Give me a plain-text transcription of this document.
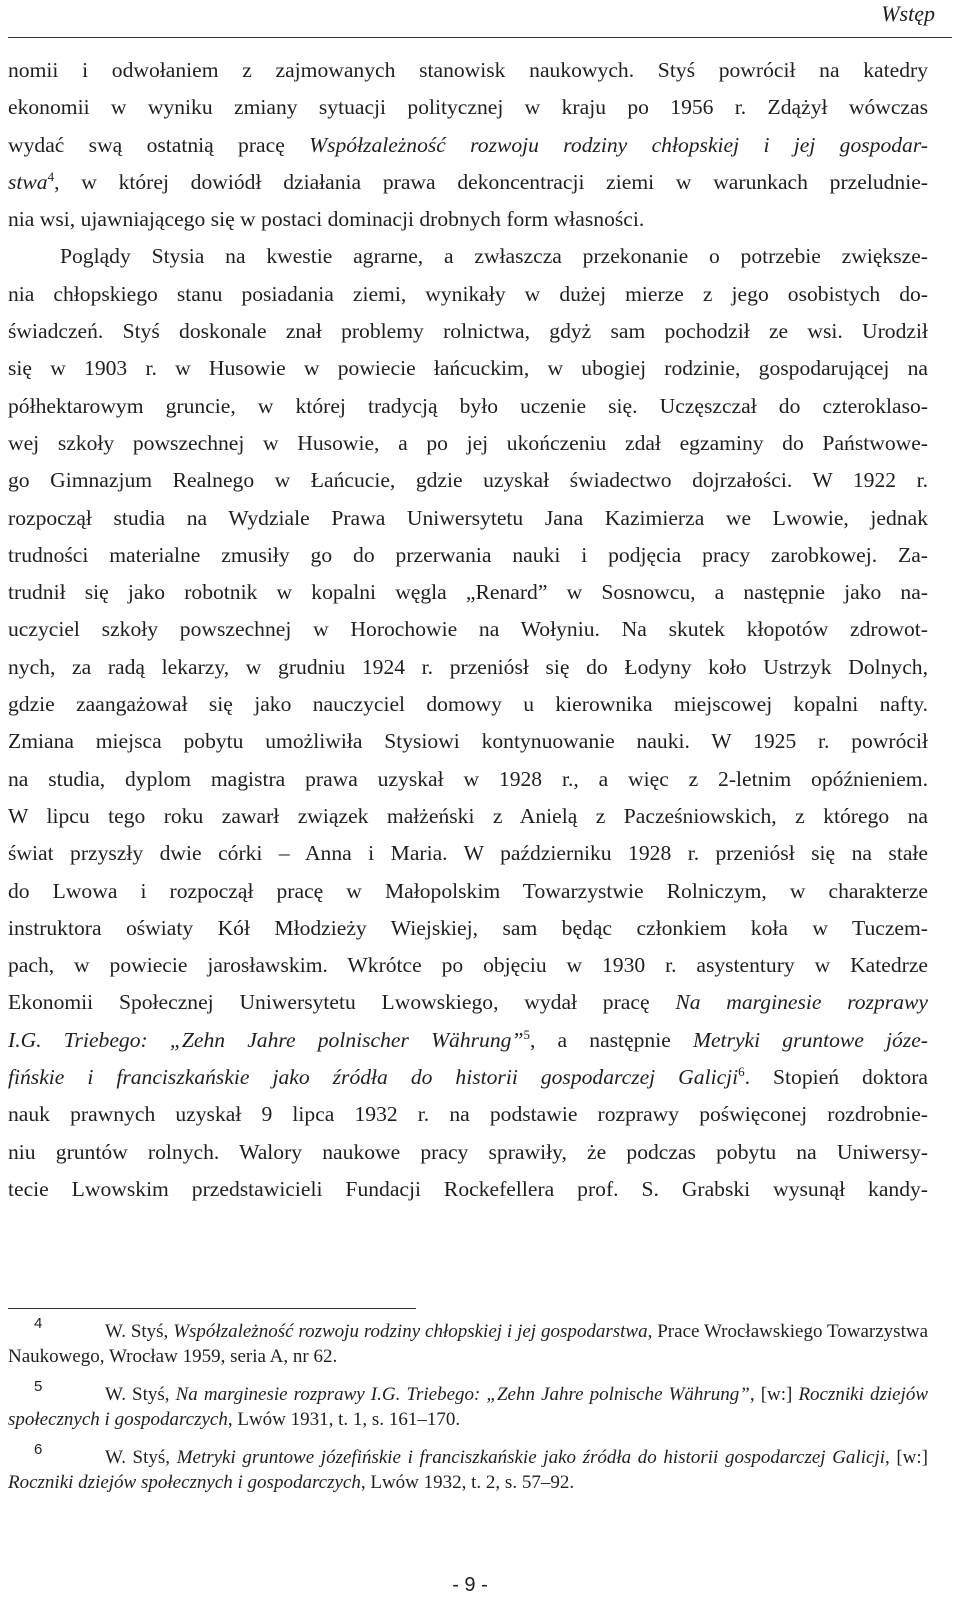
Wstęp

nomii i odwołaniem z zajmowanych stanowisk naukowych. Styś powrócił na katedry

ekonomii w wyniku zmiany sytuacji politycznej w kraju po 1956 r. Zdążył wówczas

wydać swą ostatnią pracę Współzależność rozwoju rodziny chłopskiej i jej gospodar-

stwa$^4$, w której dowiódł działania prawa dekoncentracji ziemi w warunkach przeludnie-

nia wsi, ujawniającego się w postaci dominacji drobnych form własności.

Poglądy Stysia na kwestie agrarne, a zwłaszcza przekonanie o potrzebie zwiększe-

nia chłopskiego stanu posiadania ziemi, wynikały w dużej mierze z jego osobistych do-

świadczeń. Styś doskonale znał problemy rolnictwa, gdyż sam pochodził ze wsi. Urodził

się w 1903 r. w Husowie w powiecie łańcuckim, w ubogiej rodzinie, gospodarującej na

półhektarowym gruncie, w której tradycją było uczenie się. Uczęszczał do czteroklaso-

wej szkoły powszechnej w Husowie, a po jej ukończeniu zdał egzaminy do Państwowe-

go Gimnazjum Realnego w Łańcucie, gdzie uzyskał świadectwo dojrzałości. W 1922 r.

rozpoczął studia na Wydziale Prawa Uniwersytetu Jana Kazimierza we Lwowie, jednak

trudności materialne zmusiły go do przerwania nauki i podjęcia pracy zarobkowej. Za-

trudnił się jako robotnik w kopalni węgla „Renard” w Sosnowcu, a następnie jako na-

uczyciel szkoły powszechnej w Horochowie na Wołyniu. Na skutek kłopotów zdrowot-

nych, za radą lekarzy, w grudniu 1924 r. przeniósł się do Łodyny koło Ustrzyk Dolnych,

gdzie zaangażował się jako nauczyciel domowy u kierownika miejscowej kopalni nafty.

Zmiana miejsca pobytu umożliwiła Stysiowi kontynuowanie nauki. W 1925 r. powrócił

na studia, dyplom magistra prawa uzyskał w 1928 r., a więc z 2-letnim opóźnieniem.

W lipcu tego roku zawarł związek małżeński z Anielą z Pacześniowskich, z którego na

świat przyszły dwie córki – Anna i Maria. W październiku 1928 r. przeniósł się na stałe

do Lwowa i rozpoczął pracę w Małopolskim Towarzystwie Rolniczym, w charakterze

instruktora oświaty Kół Młodzieży Wiejskiej, sam będąc członkiem koła w Tuczem-

pach, w powiecie jarosławskim. Wkrótce po objęciu w 1930 r. asystentury w Katedrze

Ekonomii Społecznej Uniwersytetu Lwowskiego, wydał pracę Na marginesie rozprawy

I.G. Triebego: „Zehn Jahre polnischer Währung”$^5$, a następnie Metryki gruntowe józe-

fińskie i franciszkańskie jako źródła do historii gospodarczej Galicji$^6$. Stopień doktora

nauk prawnych uzyskał 9 lipca 1932 r. na podstawie rozprawy poświęconej rozdrobnie-

niu gruntów rolnych. Walory naukowe pracy sprawiły, że podczas pobytu na Uniwersy-

tecie Lwowskim przedstawicieli Fundacji Rockefellera prof. S. Grabski wysunął kandy-

4	W. Styś, Współzależność rozwoju rodziny chłopskiej i jej gospodarstwa, Prace Wrocławskiego Towarzystwa Naukowego, Wrocław 1959, seria A, nr 62.
5	W. Styś, Na marginesie rozprawy I.G. Triebego: „Zehn Jahre polnische Währung”, [w:] Roczniki dziejów społecznych i gospodarczych, Lwów 1931, t. 1, s. 161–170.
6	W. Styś, Metryki gruntowe józefińskie i franciszkańskie jako źródła do historii gospodarczej Galicji, [w:] Roczniki dziejów społecznych i gospodarczych, Lwów 1932, t. 2, s. 57–92.
- 9 -
